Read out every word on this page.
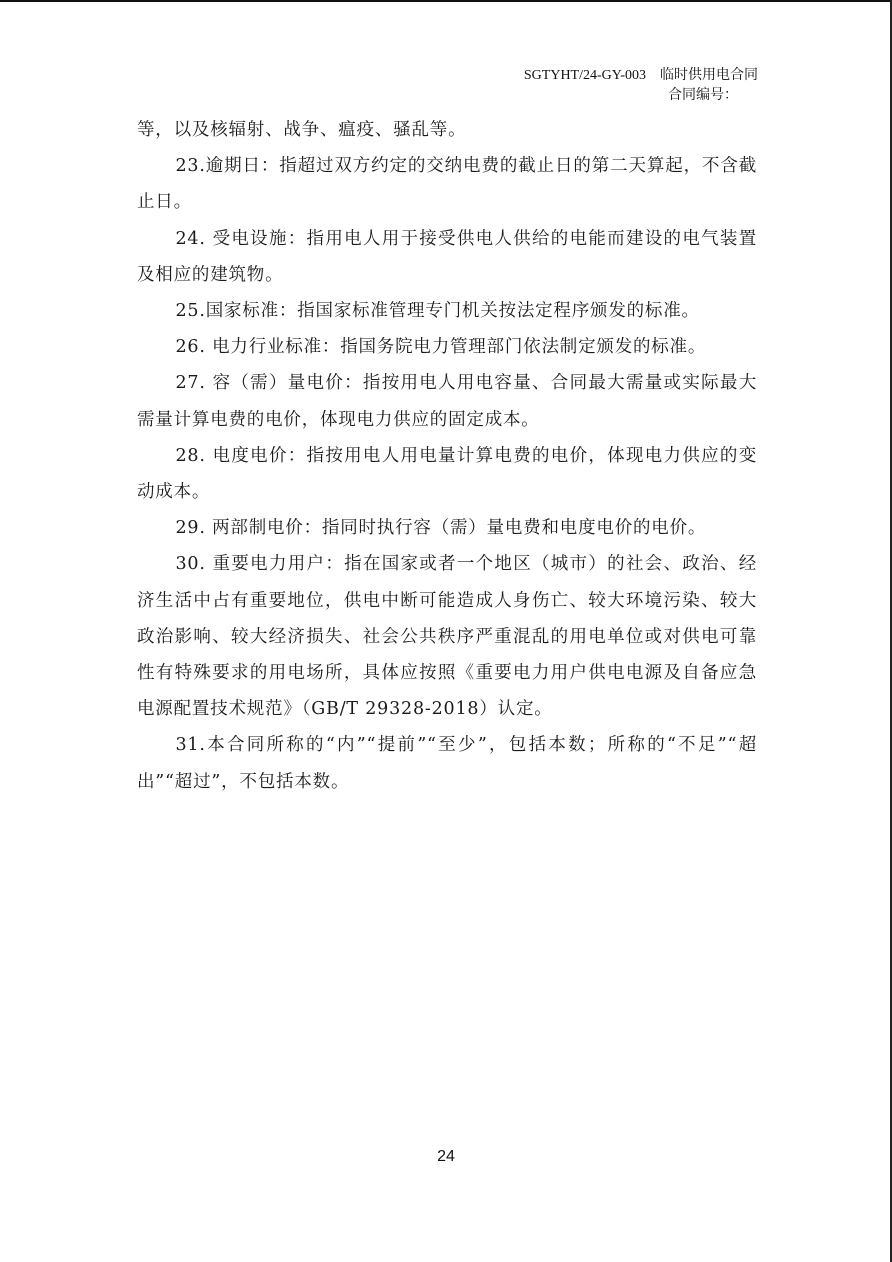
SGTYHT/24-GY-003 临时供用电合同
合同编号：

等，以及核辐射、战争、瘟疫、骚乱等。

23.逾期日：指超过双方约定的交纳电费的截止日的第二天算起，不含截止日。

24. 受电设施：指用电人用于接受供电人供给的电能而建设的电气装置及相应的建筑物。

25.国家标准：指国家标准管理专门机关按法定程序颁发的标准。

26. 电力行业标准：指国务院电力管理部门依法制定颁发的标准。

27. 容（需）量电价：指按用电人用电容量、合同最大需量或实际最大需量计算电费的电价，体现电力供应的固定成本。

28. 电度电价：指按用电人用电量计算电费的电价，体现电力供应的变动成本。

29. 两部制电价：指同时执行容（需）量电费和电度电价的电价。

30. 重要电力用户：指在国家或者一个地区（城市）的社会、政治、经济生活中占有重要地位，供电中断可能造成人身伤亡、较大环境污染、较大政治影响、较大经济损失、社会公共秩序严重混乱的用电单位或对供电可靠性有特殊要求的用电场所，具体应按照《重要电力用户供电电源及自备应急电源配置技术规范》（GB/T 29328-2018）认定。

31.本合同所称的“内”“提前”“至少”，包括本数；所称的“不足”“超出”“超过”，不包括本数。

24
